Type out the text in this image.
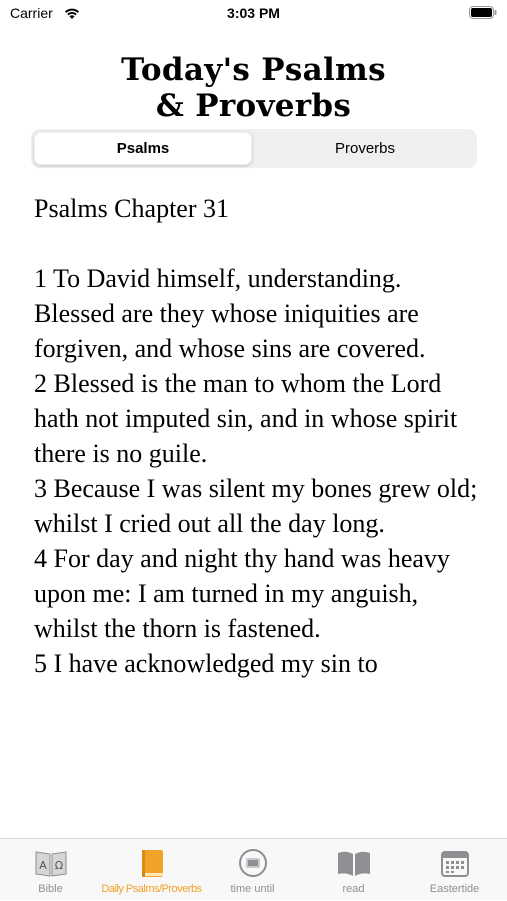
Carrier	3:03 PM
Today's Psalms
& Proverbs
Psalms	Proverbs

Psalms Chapter 31

1 To David himself, understanding. Blessed are they whose iniquities are forgiven, and whose sins are covered.

2 Blessed is the man to whom the Lord hath not imputed sin, and in whose spirit there is no guile.

3 Because I was silent my bones grew old; whilst I cried out all the day long.

4 For day and night thy hand was heavy upon me: I am turned in my anguish, whilst the thorn is fastened.

5 I have acknowledged my sin to

A Ω
Bible	Daily Psalms/Proverbs	time until	read	Eastertide
